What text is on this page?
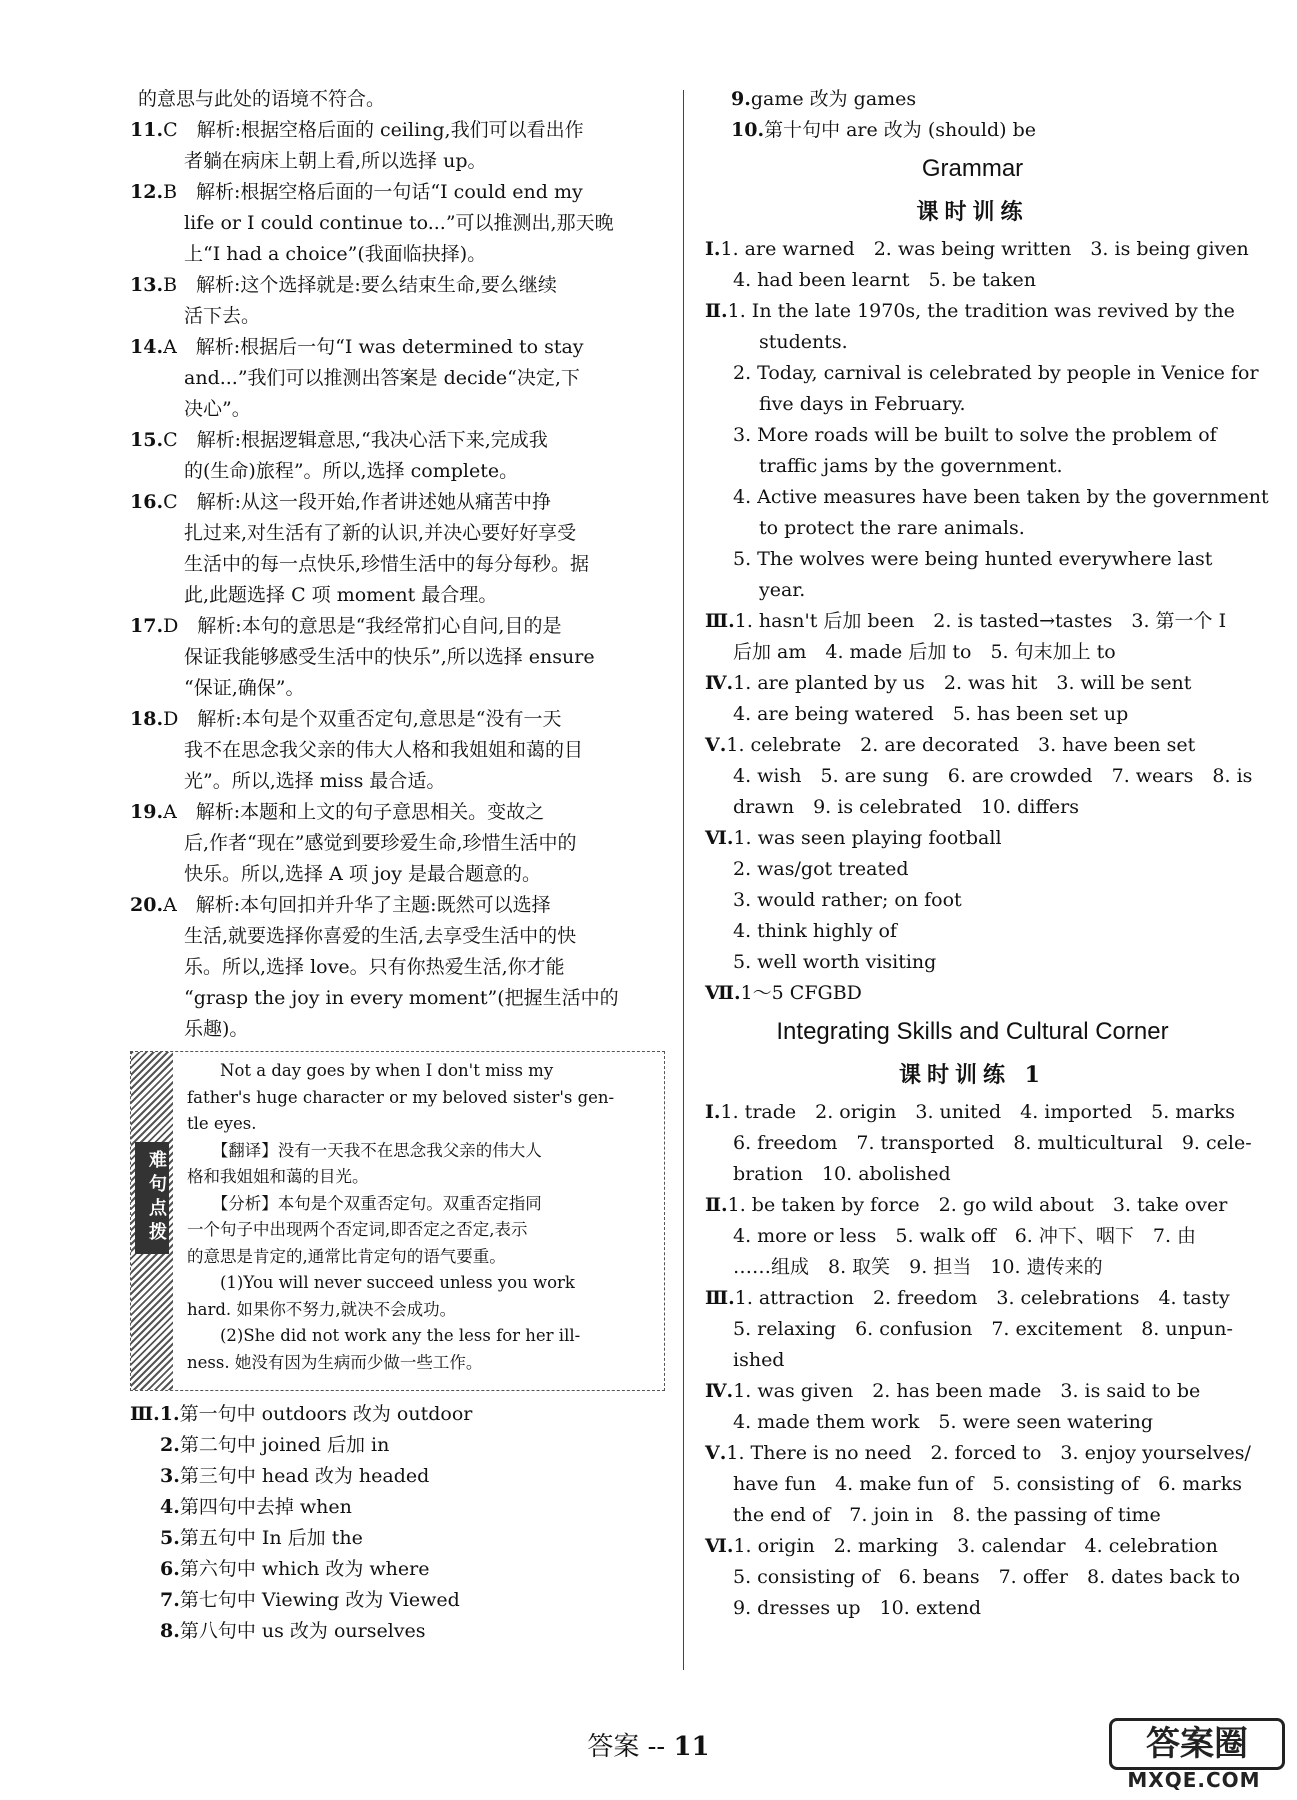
的意思与此处的语境不符合。
11.C　解析:根据空格后面的 ceiling,我们可以看出作
者躺在病床上朝上看,所以选择 up。
12.B　解析:根据空格后面的一句话“I could end my
life or I could continue to...”可以推测出,那天晚
上“I had a choice”(我面临抉择)。
13.B　解析:这个选择就是:要么结束生命,要么继续
活下去。
14.A　解析:根据后一句“I was determined to stay
and...”我们可以推测出答案是 decide“决定,下
决心”。
15.C　解析:根据逻辑意思,“我决心活下来,完成我
的(生命)旅程”。所以,选择 complete。
16.C　解析:从这一段开始,作者讲述她从痛苦中挣
扎过来,对生活有了新的认识,并决心要好好享受
生活中的每一点快乐,珍惜生活中的每分每秒。据
此,此题选择 C 项 moment 最合理。
17.D　解析:本句的意思是“我经常扪心自问,目的是
保证我能够感受生活中的快乐”,所以选择 ensure
“保证,确保”。
18.D　解析:本句是个双重否定句,意思是“没有一天
我不在思念我父亲的伟大人格和我姐姐和蔼的目
光”。所以,选择 miss 最合适。
19.A　解析:本题和上文的句子意思相关。变故之
后,作者“现在”感觉到要珍爱生命,珍惜生活中的
快乐。所以,选择 A 项 joy 是最合题意的。
20.A　解析:本句回扣并升华了主题:既然可以选择
生活,就要选择你喜爱的生活,去享受生活中的快
乐。所以,选择 love。只有你热爱生活,你才能
“grasp the joy in every moment”(把握生活中的
乐趣)。
难句点拨
　　Not a day goes by when I don't miss my
father's huge character or my beloved sister's gen-
tle eyes.
　　【翻译】没有一天我不在思念我父亲的伟大人
格和我姐姐和蔼的目光。
　　【分析】本句是个双重否定句。双重否定指同
一个句子中出现两个否定词,即否定之否定,表示
的意思是肯定的,通常比肯定句的语气要重。
　　(1)You will never succeed unless you work
hard. 如果你不努力,就决不会成功。
　　(2)She did not work any the less for her ill-
ness. 她没有因为生病而少做一些工作。
Ⅲ.1.第一句中 outdoors 改为 outdoor
2.第二句中 joined 后加 in
3.第三句中 head 改为 headed
4.第四句中去掉 when
5.第五句中 In 后加 the
6.第六句中 which 改为 where
7.第七句中 Viewing 改为 Viewed
8.第八句中 us 改为 ourselves
9.game 改为 games
10.第十句中 are 改为 (should) be
Grammar
课时训练
Ⅰ.1. are warned　2. was being written　3. is being given
4. had been learnt　5. be taken
Ⅱ.1. In the late 1970s, the tradition was revived by the
students.
2. Today, carnival is celebrated by people in Venice for
five days in February.
3. More roads will be built to solve the problem of
traffic jams by the government.
4. Active measures have been taken by the government
to protect the rare animals.
5. The wolves were being hunted everywhere last
year.
Ⅲ.1. hasn't 后加 been　2. is tasted→tastes　3. 第一个 I
后加 am　4. made 后加 to　5. 句末加上 to
Ⅳ.1. are planted by us　2. was hit　3. will be sent
4. are being watered　5. has been set up
Ⅴ.1. celebrate　2. are decorated　3. have been set
4. wish　5. are sung　6. are crowded　7. wears　8. is
drawn　9. is celebrated　10. differs
Ⅵ.1. was seen playing football
2. was/got treated
3. would rather; on foot
4. think highly of
5. well worth visiting
Ⅶ.1～5 CFGBD
Integrating Skills and Cultural Corner
课时训练 1
Ⅰ.1. trade　2. origin　3. united　4. imported　5. marks
6. freedom　7. transported　8. multicultural　9. cele-
bration　10. abolished
Ⅱ.1. be taken by force　2. go wild about　3. take over
4. more or less　5. walk off　6. 冲下、咽下　7. 由
……组成　8. 取笑　9. 担当　10. 遗传来的
Ⅲ.1. attraction　2. freedom　3. celebrations　4. tasty
5. relaxing　6. confusion　7. excitement　8. unpun-
ished
Ⅳ.1. was given　2. has been made　3. is said to be
4. made them work　5. were seen watering
Ⅴ.1. There is no need　2. forced to　3. enjoy yourselves/
have fun　4. make fun of　5. consisting of　6. marks
the end of　7. join in　8. the passing of time
Ⅵ.1. origin　2. marking　3. calendar　4. celebration
5. consisting of　6. beans　7. offer　8. dates back to
9. dresses up　10. extend
答案 -- 11	答案圈
MXQE.COM
